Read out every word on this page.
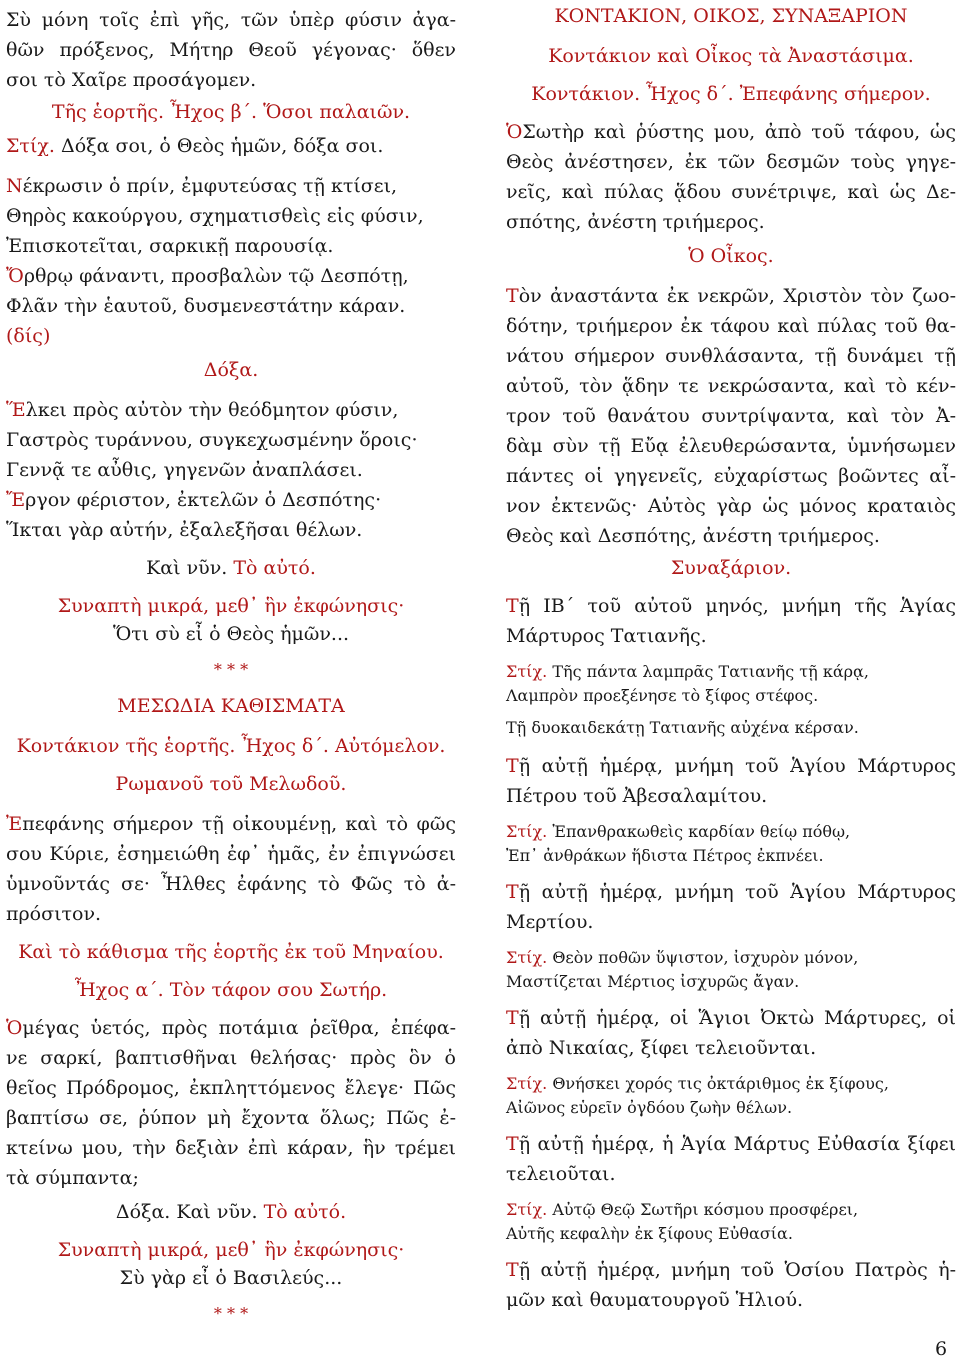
Σὺ μόνη τοῖς ἐπὶ γῆς, τῶν ὑπὲρ φύσιν ἀγα-
θῶν πρόξενος, Μήτηρ Θεοῦ γέγονας· ὅθεν
σοι τὸ Χαῖρε προσάγομεν.
Τῆς ἑορτῆς. Ἦχος β΄. Ὅσοι παλαιῶν.
Στίχ. Δόξα σοι, ὁ Θεὸς ἡμῶν, δόξα σοι.
Νέκρωσιν ὁ πρίν, ἐμφυτεύσας τῇ κτίσει,
Θηρὸς κακούργου, σχηματισθεὶς εἰς φύσιν,
Ἐπισκοτεῖται, σαρκικῇ παρουσίᾳ.
Ὄρθρῳ φάναντι, προσβαλὼν τῷ Δεσπότῃ,
Φλᾶν τὴν ἑαυτοῦ, δυσμενεστάτην κάραν.
(δίς)
Δόξα.
Ἕλκει πρὸς αὐτὸν τὴν θεόδμητον φύσιν,
Γαστρὸς τυράννου, συγκεχωσμένην ὅροις·
Γεννᾷ τε αὖθις, γηγενῶν ἀναπλάσει.
Ἔργον φέριστον, ἐκτελῶν ὁ Δεσπότης·
Ἵκται γὰρ αὐτήν, ἐξαλεξῆσαι θέλων.
Καὶ νῦν. Τὸ αὐτό.
Συναπτὴ μικρά, μεθ᾽ ἣν ἐκφώνησις·
Ὅτι σὺ εἶ ὁ Θεὸς ἡμῶν...
* * *
ΜΕΣΩΔΙΑ ΚΑΘΙΣΜΑΤΑ
Κοντάκιον τῆς ἑορτῆς. Ἦχος δ΄. Αὐτόμελον.
Ρωμανοῦ τοῦ Μελωδοῦ.
Ἐπεφάνης σήμερον τῇ οἰκουμένῃ, καὶ τὸ φῶς
σου Κύριε, ἐσημειώθη ἐφ᾽ ἡμᾶς, ἐν ἐπιγνώσει
ὑμνοῦντάς σε· Ἦλθες ἐφάνης τὸ Φῶς τὸ ἀ-
πρόσιτον.
Καὶ τὸ κάθισμα τῆς ἑορτῆς ἐκ τοῦ Μηναίου.
Ἦχος α΄. Τὸν τάφον σου Σωτήρ.
Ὁμέγας ὑετός, πρὸς ποτάμια ῥεῖθρα, ἐπέφα-
νε σαρκί, βαπτισθῆναι θελήσας· πρὸς ὃν ὁ
θεῖος Πρόδρομος, ἐκπληττόμενος ἔλεγε· Πῶς
βαπτίσω σε, ῥύπον μὴ ἔχοντα ὅλως; Πῶς ἐ-
κτείνω μου, τὴν δεξιὰν ἐπὶ κάραν, ἣν τρέμει
τὰ σύμπαντα;
Δόξα. Καὶ νῦν. Τὸ αὐτό.
Συναπτὴ μικρά, μεθ᾽ ἣν ἐκφώνησις·
Σὺ γὰρ εἶ ὁ Βασιλεύς...
* * *
ΚΟΝΤΑΚΙΟΝ, ΟΙΚΟΣ, ΣΥΝΑΞΑΡΙΟΝ
Κοντάκιον καὶ Οἶκος τὰ Ἀναστάσιμα.
Κοντάκιον. Ἦχος δ΄. Ἐπεφάνης σήμερον.
ὉΣωτὴρ καὶ ῥύστης μου, ἀπὸ τοῦ τάφου, ὡς
Θεὸς ἀνέστησεν, ἐκ τῶν δεσμῶν τοὺς γηγε-
νεῖς, καὶ πύλας ᾅδου συνέτριψε, καὶ ὡς Δε-
σπότης, ἀνέστη τριήμερος.
Ὁ Οἶκος.
Τὸν ἀναστάντα ἐκ νεκρῶν, Χριστὸν τὸν ζωο-
δότην, τριήμερον ἐκ τάφου καὶ πύλας τοῦ θα-
νάτου σήμερον συνθλάσαντα, τῇ δυνάμει τῇ
αὐτοῦ, τὸν ᾅδην τε νεκρώσαντα, καὶ τὸ κέν-
τρον τοῦ θανάτου συντρίψαντα, καὶ τὸν Ἀ-
δὰμ σὺν τῇ Εὔᾳ ἐλευθερώσαντα, ὑμνήσωμεν
πάντες οἱ γηγενεῖς, εὐχαρίστως βοῶντες αἶ-
νον ἐκτενῶς· Αὐτὸς γὰρ ὡς μόνος κραταιὸς
Θεὸς καὶ Δεσπότης, ἀνέστη τριήμερος.
Συναξάριον.
Τῇ ΙΒ΄ τοῦ αὐτοῦ μηνός, μνήμη τῆς Ἁγίας
Μάρτυρος Τατιανῆς.
Στίχ. Τῆς πάντα λαμπρᾶς Τατιανῆς τῇ κάρᾳ,
Λαμπρὸν προεξένησε τὸ ξίφος στέφος.
Τῇ δυοκαιδεκάτῃ Τατιανῆς αὐχένα κέρσαν.
Τῇ αὐτῇ ἡμέρᾳ, μνήμη τοῦ Ἁγίου Μάρτυρος
Πέτρου τοῦ Ἀβεσαλαμίτου.
Στίχ. Ἐπανθρακωθεὶς καρδίαν θείῳ πόθῳ,
Ἐπ᾽ ἀνθράκων ἥδιστα Πέτρος ἐκπνέει.
Τῇ αὐτῇ ἡμέρᾳ, μνήμη τοῦ Ἁγίου Μάρτυρος
Μερτίου.
Στίχ. Θεὸν ποθῶν ὕψιστον, ἰσχυρὸν μόνον,
Μαστίζεται Μέρτιος ἰσχυρῶς ἄγαν.
Τῇ αὐτῇ ἡμέρᾳ, οἱ Ἅγιοι Ὀκτὼ Μάρτυρες, οἱ
ἀπὸ Νικαίας, ξίφει τελειοῦνται.
Στίχ. Θνήσκει χορός τις ὀκτάριθμος ἐκ ξίφους,
Αἰῶνος εὑρεῖν ὀγδόου ζωὴν θέλων.
Τῇ αὐτῇ ἡμέρᾳ, ἡ Ἁγία Μάρτυς Εὐθασία ξίφει
τελειοῦται.
Στίχ. Αὐτῷ Θεῷ Σωτῆρι κόσμου προσφέρει,
Αὐτῆς κεφαλὴν ἐκ ξίφους Εὐθασία.
Τῇ αὐτῇ ἡμέρᾳ, μνήμη τοῦ Ὁσίου Πατρὸς ἡ-
μῶν καὶ θαυματουργοῦ Ἡλιού.
6
